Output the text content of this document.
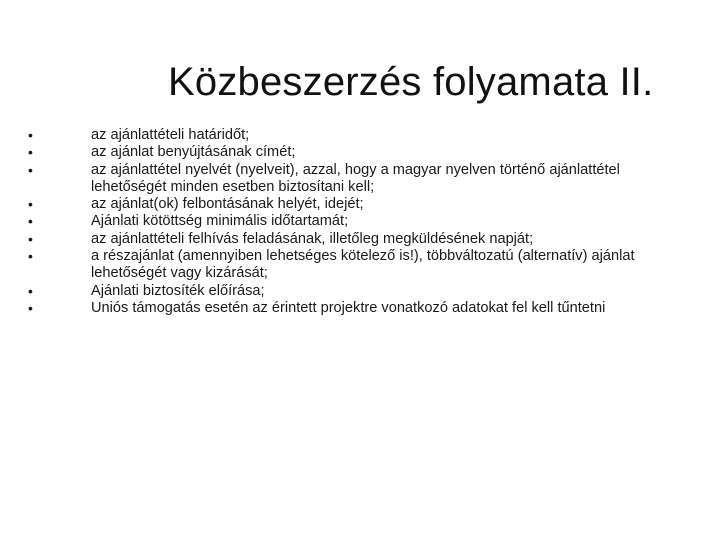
Közbeszerzés folyamata II.
•	az ajánlattételi határidőt;
•	az ajánlat benyújtásának címét;
•	az ajánlattétel nyelvét (nyelveit), azzal, hogy a magyar nyelven történő ajánlattétel lehetőségét minden esetben biztosítani kell;
•	az ajánlat(ok) felbontásának helyét, idejét;
•	Ajánlati kötöttség minimális időtartamát;
•	az ajánlattételi felhívás feladásának, illetőleg megküldésének napját;
•	a részajánlat (amennyiben lehetséges kötelező is!), többváltozatú (alternatív) ajánlat lehetőségét vagy kizárását;
•	Ajánlati biztosíték előírása;
•	Uniós támogatás esetén az érintett projektre vonatkozó adatokat fel kell tűntetni
